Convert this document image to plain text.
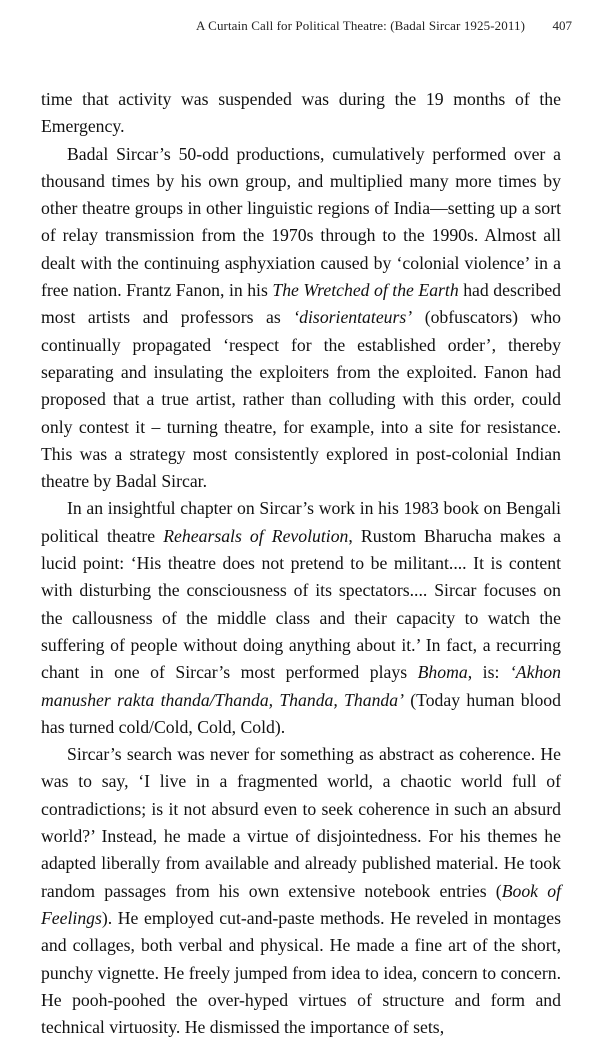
A Curtain Call for Political Theatre: (Badal Sircar 1925-2011) 407

time that activity was suspended was during the 19 months of the Emergency.

Badal Sircar’s 50-odd productions, cumulatively performed over a thousand times by his own group, and multiplied many more times by other theatre groups in other linguistic regions of India—setting up a sort of relay transmission from the 1970s through to the 1990s. Almost all dealt with the continuing asphyxiation caused by ‘colonial violence’ in a free nation. Frantz Fanon, in his The Wretched of the Earth had described most artists and professors as ‘disorientateurs’ (obfuscators) who continually propagated ‘respect for the established order’, thereby separating and insulating the exploiters from the exploited. Fanon had proposed that a true artist, rather than colluding with this order, could only contest it – turning theatre, for example, into a site for resistance. This was a strategy most consistently explored in post-colonial Indian theatre by Badal Sircar.

In an insightful chapter on Sircar’s work in his 1983 book on Bengali political theatre Rehearsals of Revolution, Rustom Bharucha makes a lucid point: ‘His theatre does not pretend to be militant.... It is content with disturbing the consciousness of its spectators.... Sircar focuses on the callousness of the middle class and their capacity to watch the suffering of people without doing anything about it.’ In fact, a recurring chant in one of Sircar’s most performed plays Bhoma, is: ‘Akhon manusher rakta thanda/Thanda, Thanda, Thanda’ (Today human blood has turned cold/Cold, Cold, Cold).

Sircar’s search was never for something as abstract as coherence. He was to say, ‘I live in a fragmented world, a chaotic world full of contradictions; is it not absurd even to seek coherence in such an absurd world?’ Instead, he made a virtue of disjointedness. For his themes he adapted liberally from available and already published material. He took random passages from his own extensive notebook entries (Book of Feelings). He employed cut-and-paste methods. He reveled in montages and collages, both verbal and physical. He made a fine art of the short, punchy vignette. He freely jumped from idea to idea, concern to concern. He pooh-poohed the over-hyped virtues of structure and form and technical virtuosity. He dismissed the importance of sets,
